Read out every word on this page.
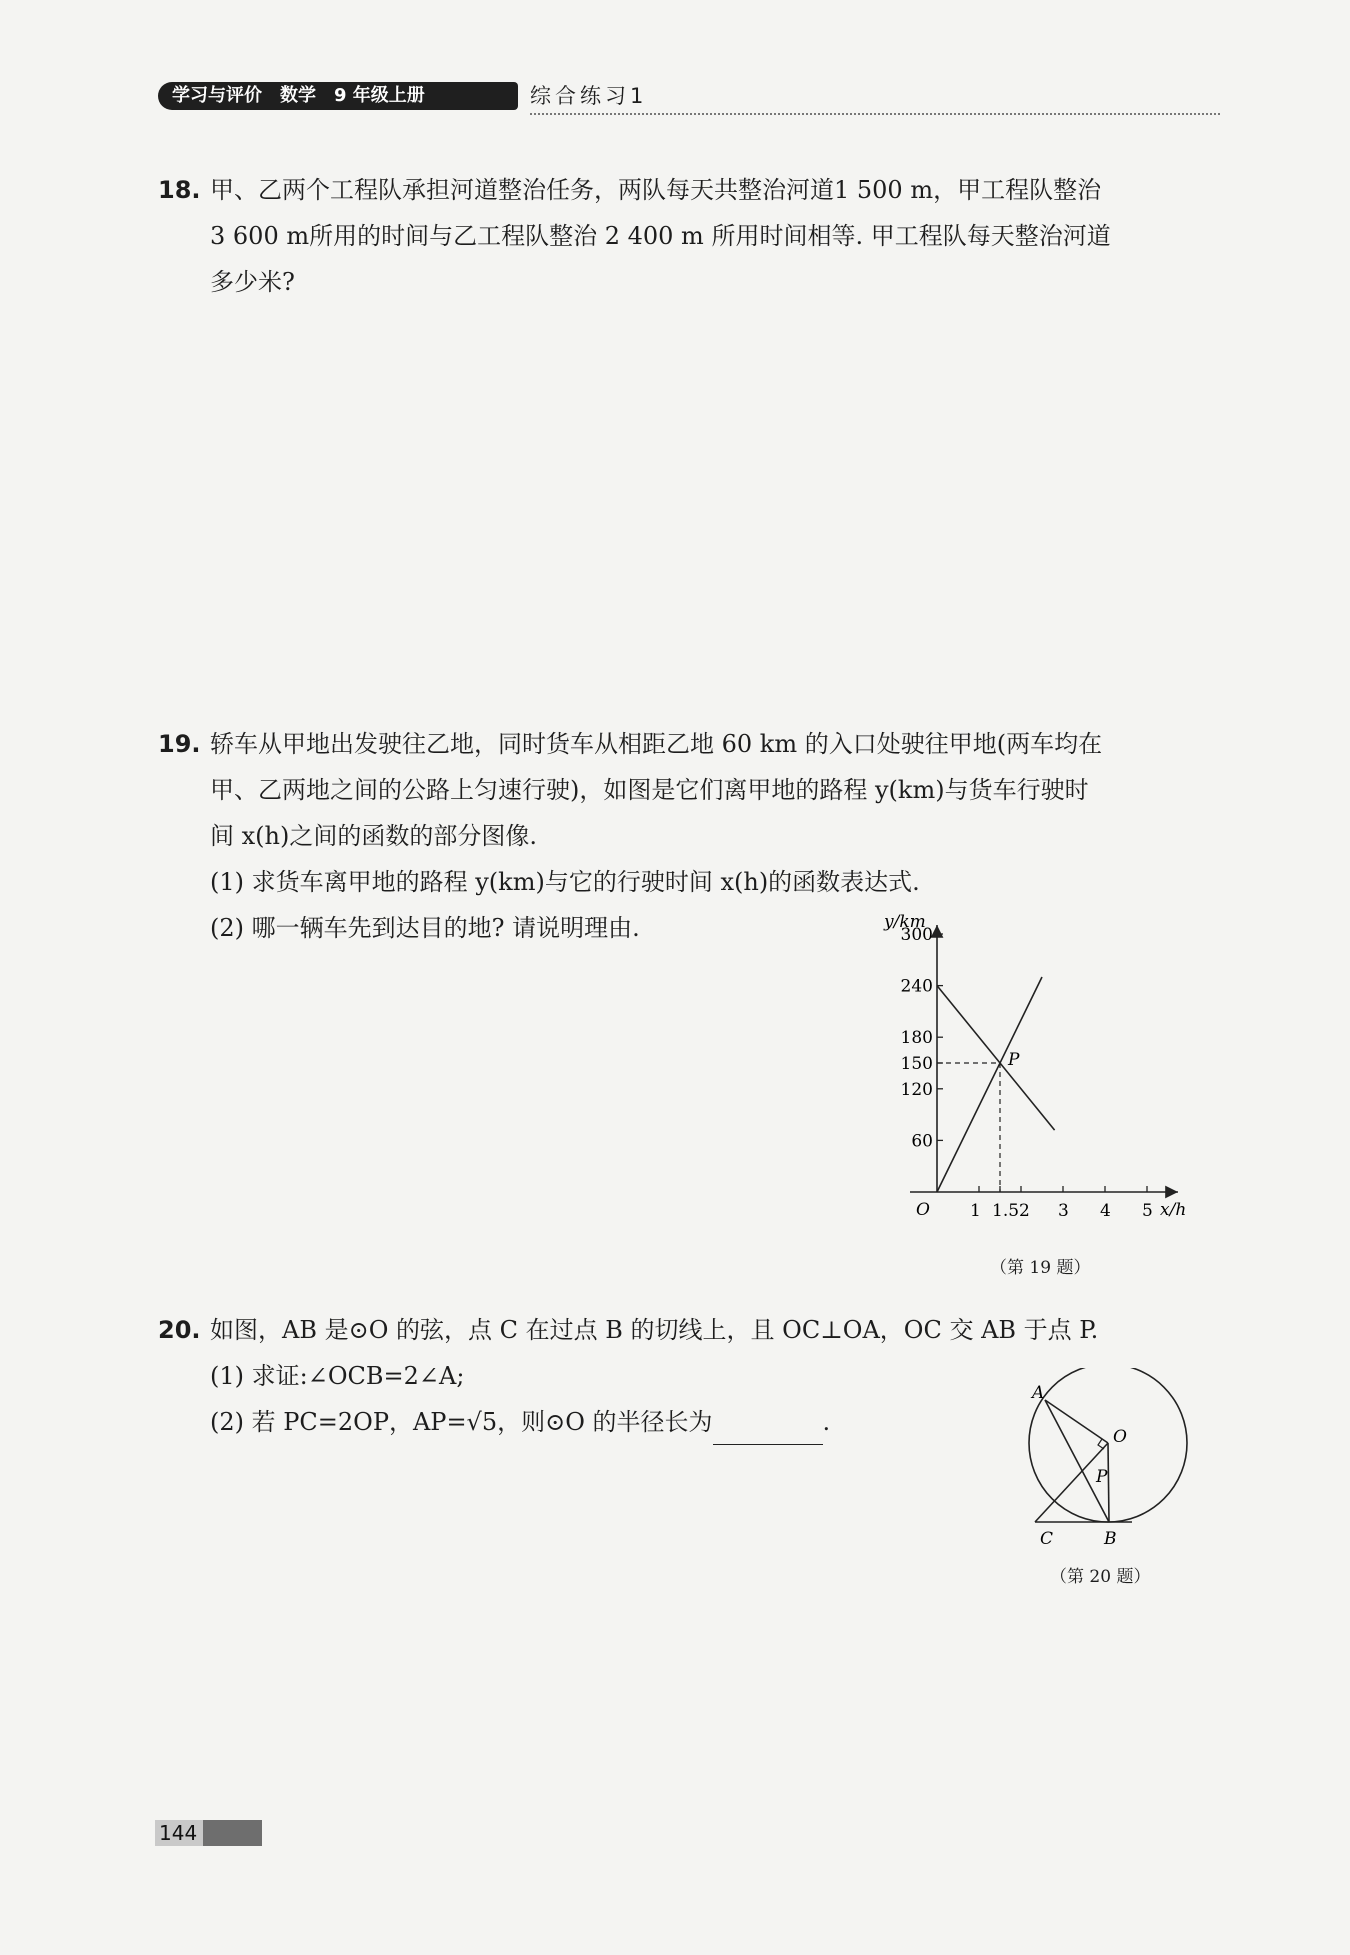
学习与评价　数学　9 年级上册	综合练习1
18. 甲、乙两个工程队承担河道整治任务，两队每天共整治河道1 500 m，甲工程队整治
3 600 m所用的时间与乙工程队整治 2 400 m 所用时间相等. 甲工程队每天整治河道
多少米?
19. 轿车从甲地出发驶往乙地，同时货车从相距乙地 60 km 的入口处驶往甲地(两车均在
甲、乙两地之间的公路上匀速行驶)，如图是它们离甲地的路程 y(km)与货车行驶时
间 x(h)之间的函数的部分图像.
(1) 求货车离甲地的路程 y(km)与它的行驶时间 x(h)的函数表达式.
(2) 哪一辆车先到达目的地? 请说明理由.	y/km
x/h
O 1 1.5 2 3 4 5
60
120
150
180
240
300
P
（第 19 题）
20. 如图，AB 是⊙O 的弦，点 C 在过点 B 的切线上，且 OC⊥OA，OC 交 AB 于点 P.
(1) 求证:∠OCB=2∠A;
(2) 若 PC=2OP，AP=√5，则⊙O 的半径长为	.
A
O
P
C	B
（第 20 题）
144
